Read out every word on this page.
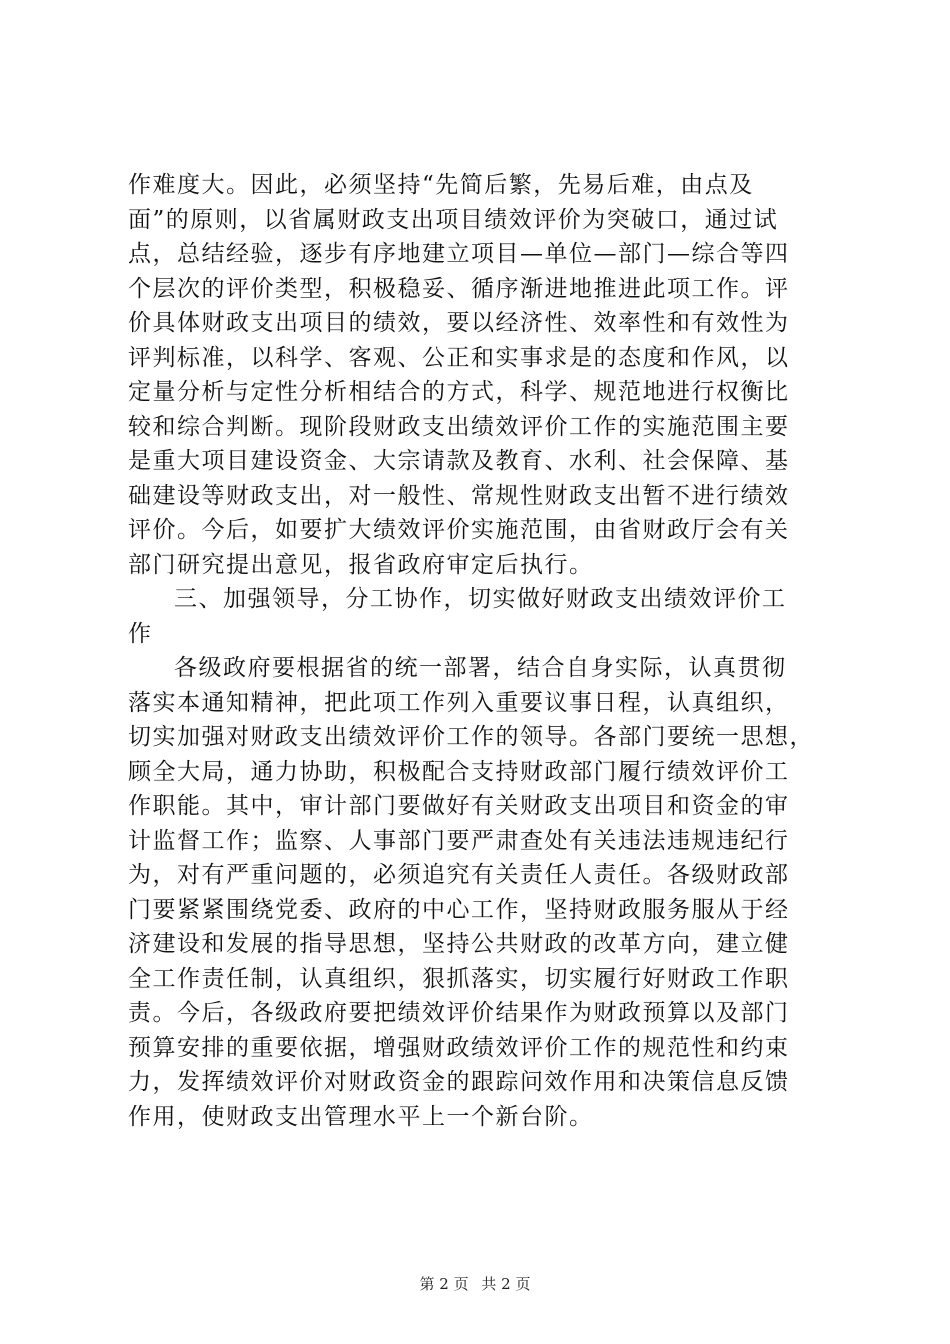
作难度大。因此，必须坚持“先简后繁，先易后难，由点及
面”的原则，以省属财政支出项目绩效评价为突破口，通过试
点，总结经验，逐步有序地建立项目—单位—部门—综合等四
个层次的评价类型，积极稳妥、循序渐进地推进此项工作。评
价具体财政支出项目的绩效，要以经济性、效率性和有效性为
评判标准，以科学、客观、公正和实事求是的态度和作风，以
定量分析与定性分析相结合的方式，科学、规范地进行权衡比
较和综合判断。现阶段财政支出绩效评价工作的实施范围主要
是重大项目建设资金、大宗请款及教育、水利、社会保障、基
础建设等财政支出，对一般性、常规性财政支出暂不进行绩效
评价。今后，如要扩大绩效评价实施范围，由省财政厅会有关
部门研究提出意见，报省政府审定后执行。
三、加强领导，分工协作，切实做好财政支出绩效评价工
作
各级政府要根据省的统一部署，结合自身实际，认真贯彻
落实本通知精神，把此项工作列入重要议事日程，认真组织，
切实加强对财政支出绩效评价工作的领导。各部门要统一思想，
顾全大局，通力协助，积极配合支持财政部门履行绩效评价工
作职能。其中，审计部门要做好有关财政支出项目和资金的审
计监督工作；监察、人事部门要严肃查处有关违法违规违纪行
为，对有严重问题的，必须追究有关责任人责任。各级财政部
门要紧紧围绕党委、政府的中心工作，坚持财政服务服从于经
济建设和发展的指导思想，坚持公共财政的改革方向，建立健
全工作责任制，认真组织，狠抓落实，切实履行好财政工作职
责。今后，各级政府要把绩效评价结果作为财政预算以及部门
预算安排的重要依据，增强财政绩效评价工作的规范性和约束
力，发挥绩效评价对财政资金的跟踪问效作用和决策信息反馈
作用，使财政支出管理水平上一个新台阶。
第 2 页 共 2 页
